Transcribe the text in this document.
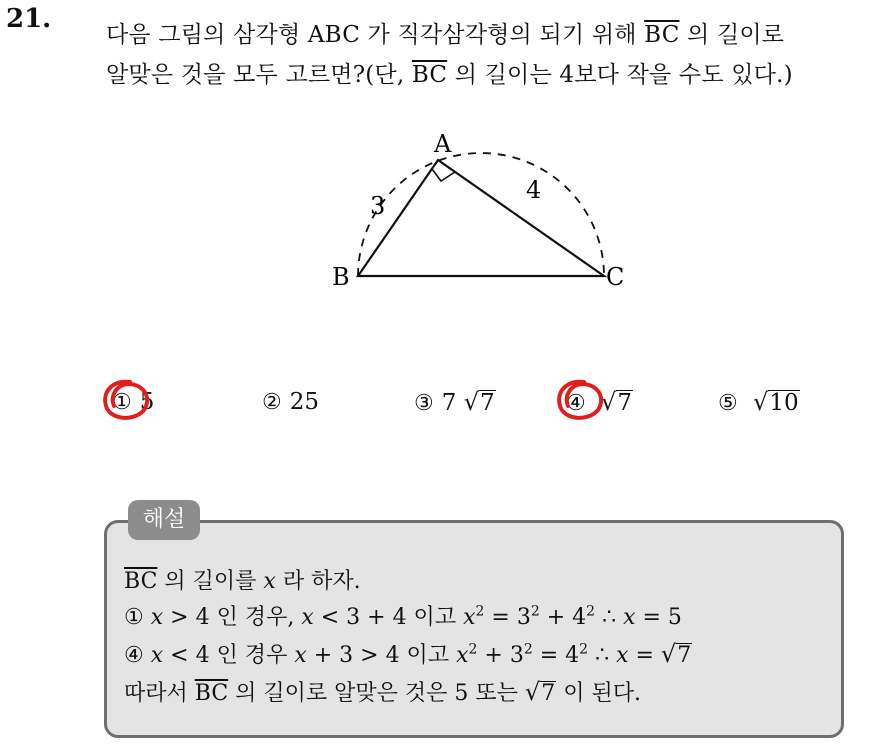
21.
다음 그림의 삼각형 ABC 가 직각삼각형의 되기 위해 $\overline{BC}$ 의 길이로
알맞은 것을 모두 고르면?(단, $\overline{BC}$ 의 길이는 4보다 작을 수도 있다.)
A
B	C
3
4
① 5	② 25	③ 7 √7	④ √7	⑤ √10
해설
$\overline{BC}$ 의 길이를 x 라 하자.
① x > 4 인 경우, x < 3 + 4 이고 $x^2 = 3^2 + 4^2$ ∴ x = 5
④ x < 4 인 경우 x + 3 > 4 이고 $x^2 + 3^2 = 4^2$ ∴ x = √7
따라서 $\overline{BC}$ 의 길이로 알맞은 것은 5 또는 √7 이 된다.
